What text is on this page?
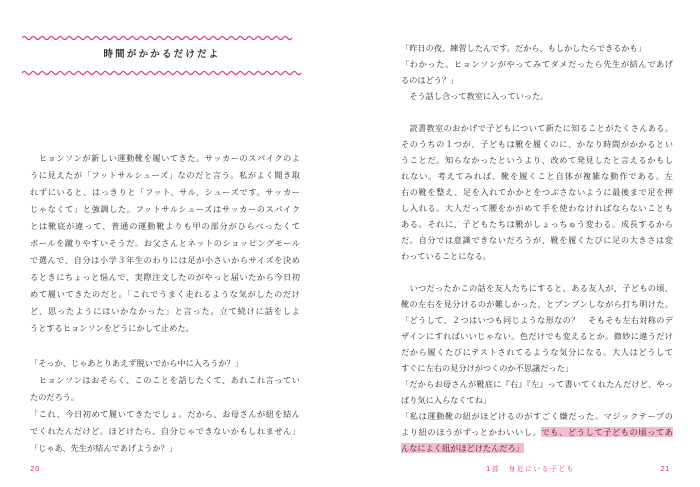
時間がかかるだけだよ
　ヒョンソンが新しい運動靴を履いてきた。サッカーのスパイクのよ
うに見えたが「フットサルシューズ」なのだと言う。私がよく聞き取
れずにいると、はっきりと「フット、サル、シューズです。サッカー
じゃなくて」と強調した。フットサルシューズはサッカーのスパイク
とは靴底が違って、普通の運動靴よりも甲の部分がひらべったくて
ボールを蹴りやすいそうだ。お父さんとネットのショッピングモール
で選んで、自分は小学３年生のわりには足が小さいからサイズを決め
るときにちょっと悩んで、実際注文したのがやっと届いたから今日初
めて履いてきたのだと。「これでうまく走れるような気がしたのだけ
ど、思ったようにはいかなかった」と言った。立て続けに話をしよ
うとするヒョンソンをどうにかして止めた。
「そっか、じゃあとりあえず脱いでから中に入ろうか？」
　ヒョンソンはおそらく、このことを話したくて、あれこれ言ってい
たのだろう。
「これ、今日初めて履いてきたでしょ。だから、お母さんが紐を結ん
でくれたんだけど。ほどけたら、自分じゃできないかもしれません」
「じゃあ、先生が結んであげようか？」
20
「昨日の夜、練習したんです。だから、もしかしたらできるかも」
「わかった。ヒョンソンがやってみてダメだったら先生が結んであげ
るのはどう？」
　そう話し合って教室に入っていった。
　読書教室のおかげで子どもについて新たに知ることがたくさんある。
そのうちの１つが、子どもは靴を履くのに、かなり時間がかかるとい
うことだ。知らなかったというより、改めて発見したと言えるかもし
れない。考えてみれば、靴を履くこと自体が複雑な動作である。左
右の靴を整え、足を入れてかかとをつぶさないように最後まで足を押
し入れる。大人だって腰をかがめて手を使わなければならないことも
ある。それに、子どもたちは靴がしょっちゅう変わる。成長するから
だ。自分では意識できないだろうが、靴を履くたびに足の大きさは変
わっていることになる。
　いつだったかこの話を友人たちにすると、ある友人が、子どもの頃、
靴の左右を見分けるのが難しかった、とプンプンしながら打ち明けた。
「どうして、２つはいつも同じような形なの？　そもそも左右対称のデ
ザインにすればいいじゃない。色だけでも変えるとか。微妙に違うだけ
だから履くたびにテストされてるような気分になる。大人はどうして
すぐに左右の見分けがつくのか不思議だった」
「だからお母さんが靴底に『右』『左』って書いてくれたんだけど、やっ
ぱり気に入らなくてね」
「私は運動靴の紐がほどけるのがすごく嫌だった。マジックテープの
より紐のほうがずっとかわいいし。でも、どうして子どもの頃ってあ
んなによく紐がほどけたんだろ」
1部　身近にいる子ども	21
